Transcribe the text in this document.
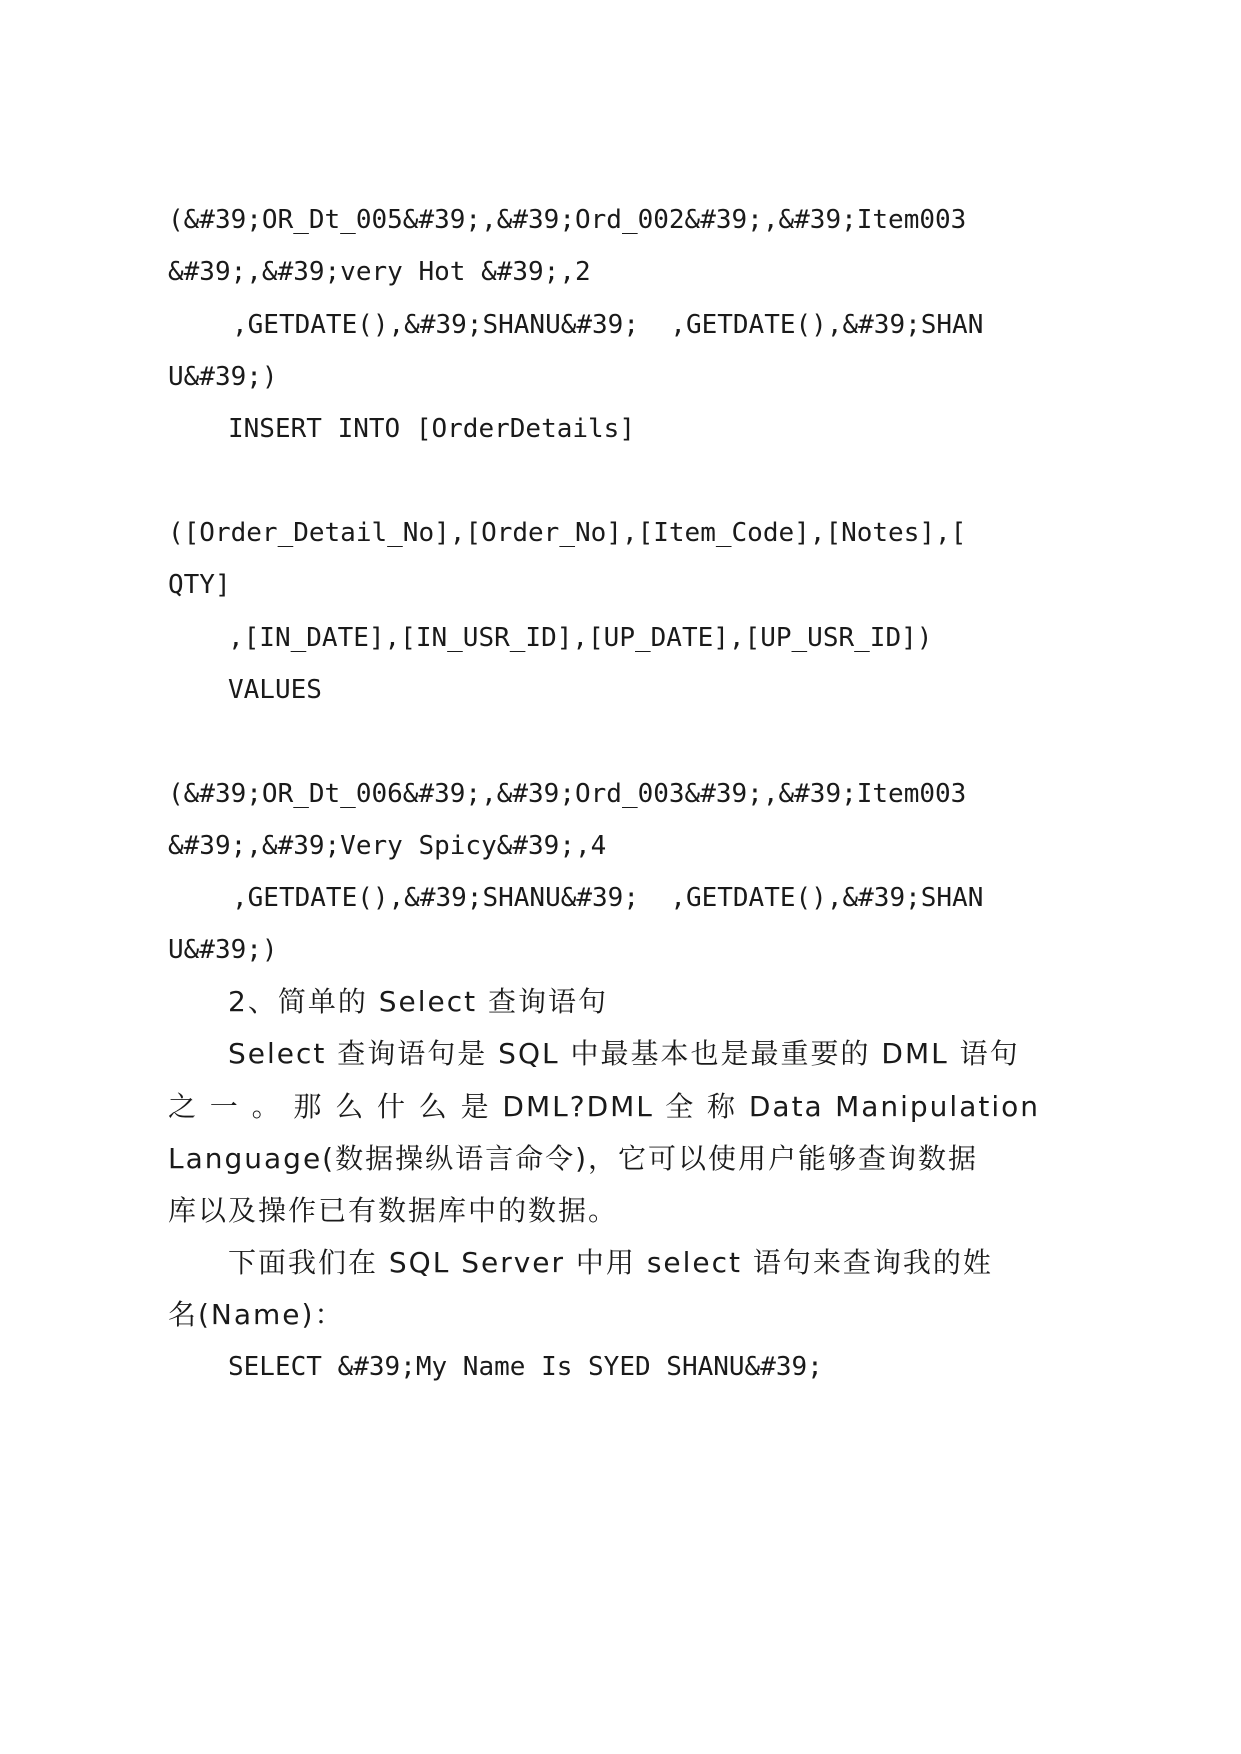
(&#39;OR_Dt_005&#39;,&#39;Ord_002&#39;,&#39;Item003
&#39;,&#39;very Hot &#39;,2
,GETDATE(),&#39;SHANU&#39;  ,GETDATE(),&#39;SHAN
U&#39;)
INSERT INTO [OrderDetails]
([Order_Detail_No],[Order_No],[Item_Code],[Notes],[
QTY]
,[IN_DATE],[IN_USR_ID],[UP_DATE],[UP_USR_ID])
VALUES
(&#39;OR_Dt_006&#39;,&#39;Ord_003&#39;,&#39;Item003
&#39;,&#39;Very Spicy&#39;,4
,GETDATE(),&#39;SHANU&#39;  ,GETDATE(),&#39;SHAN
U&#39;)
2、简单的 Select 查询语句
Select 查询语句是 SQL 中最基本也是最重要的 DML 语句
之 一 。 那 么 什 么 是 DML?DML 全 称 Data Manipulation
Language(数据操纵语言命令)，它可以使用户能够查询数据
库以及操作已有数据库中的数据。
下面我们在 SQL Server 中用 select 语句来查询我的姓
名(Name)：
SELECT &#39;My Name Is SYED SHANU&#39;
